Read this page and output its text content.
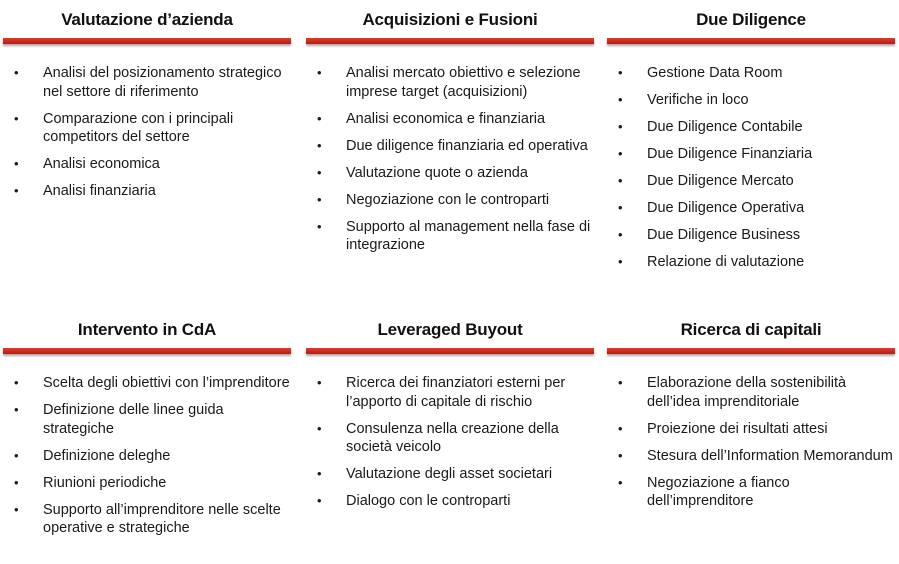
Valutazione d’azienda
• Analisi del posizionamento strategico nel settore di riferimento
• Comparazione con i principali competitors del settore
• Analisi economica
• Analisi finanziaria
Acquisizioni e Fusioni
• Analisi mercato obiettivo e selezione imprese target (acquisizioni)
• Analisi economica e finanziaria
• Due diligence finanziaria ed operativa
• Valutazione quote o azienda
• Negoziazione con le controparti
• Supporto al management nella fase di integrazione
Due Diligence
• Gestione Data Room
• Verifiche in loco
• Due Diligence Contabile
• Due Diligence Finanziaria
• Due Diligence Mercato
• Due Diligence Operativa
• Due Diligence Business
• Relazione di valutazione
Intervento in CdA
• Scelta degli obiettivi con l’imprenditore
• Definizione delle linee guida strategiche
• Definizione deleghe
• Riunioni periodiche
• Supporto all’imprenditore nelle scelte operative e strategiche
Leveraged Buyout
• Ricerca dei finanziatori esterni per l’apporto di capitale di rischio
• Consulenza nella creazione della società veicolo
• Valutazione degli asset societari
• Dialogo con le controparti
Ricerca di capitali
• Elaborazione della sostenibilità dell’idea imprenditoriale
• Proiezione dei risultati attesi
• Stesura dell’Information Memorandum
• Negoziazione a fianco dell’imprenditore
